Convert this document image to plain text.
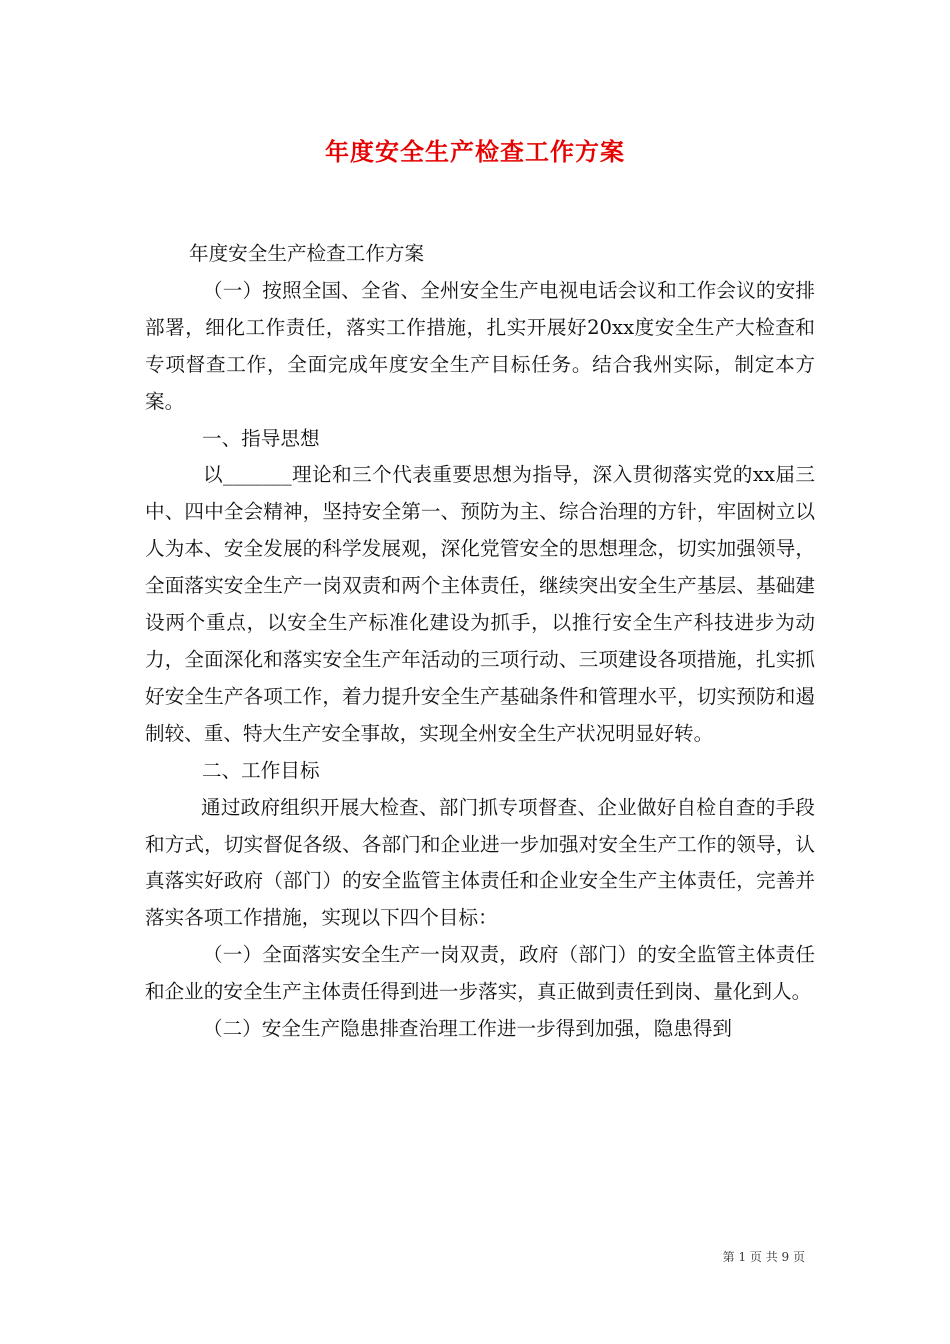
年度安全生产检查工作方案

年度安全生产检查工作方案

（一）按照全国、全省、全州安全生产电视电话会议和工作会议的安排部署，细化工作责任，落实工作措施，扎实开展好20xx度安全生产大检查和专项督查工作，全面完成年度安全生产目标任务。结合我州实际，制定本方案。

一、指导思想

以_______理论和三个代表重要思想为指导，深入贯彻落实党的xx届三中、四中全会精神，坚持安全第一、预防为主、综合治理的方针，牢固树立以人为本、安全发展的科学发展观，深化党管安全的思想理念，切实加强领导，全面落实安全生产一岗双责和两个主体责任，继续突出安全生产基层、基础建设两个重点，以安全生产标准化建设为抓手，以推行安全生产科技进步为动力，全面深化和落实安全生产年活动的三项行动、三项建设各项措施，扎实抓好安全生产各项工作，着力提升安全生产基础条件和管理水平，切实预防和遏制较、重、特大生产安全事故，实现全州安全生产状况明显好转。

二、工作目标

通过政府组织开展大检查、部门抓专项督查、企业做好自检自查的手段和方式，切实督促各级、各部门和企业进一步加强对安全生产工作的领导，认真落实好政府（部门）的安全监管主体责任和企业安全生产主体责任，完善并落实各项工作措施，实现以下四个目标：

（一）全面落实安全生产一岗双责，政府（部门）的安全监管主体责任和企业的安全生产主体责任得到进一步落实，真正做到责任到岗、量化到人。

（二）安全生产隐患排查治理工作进一步得到加强，隐患得到

第 1 页 共 9 页
